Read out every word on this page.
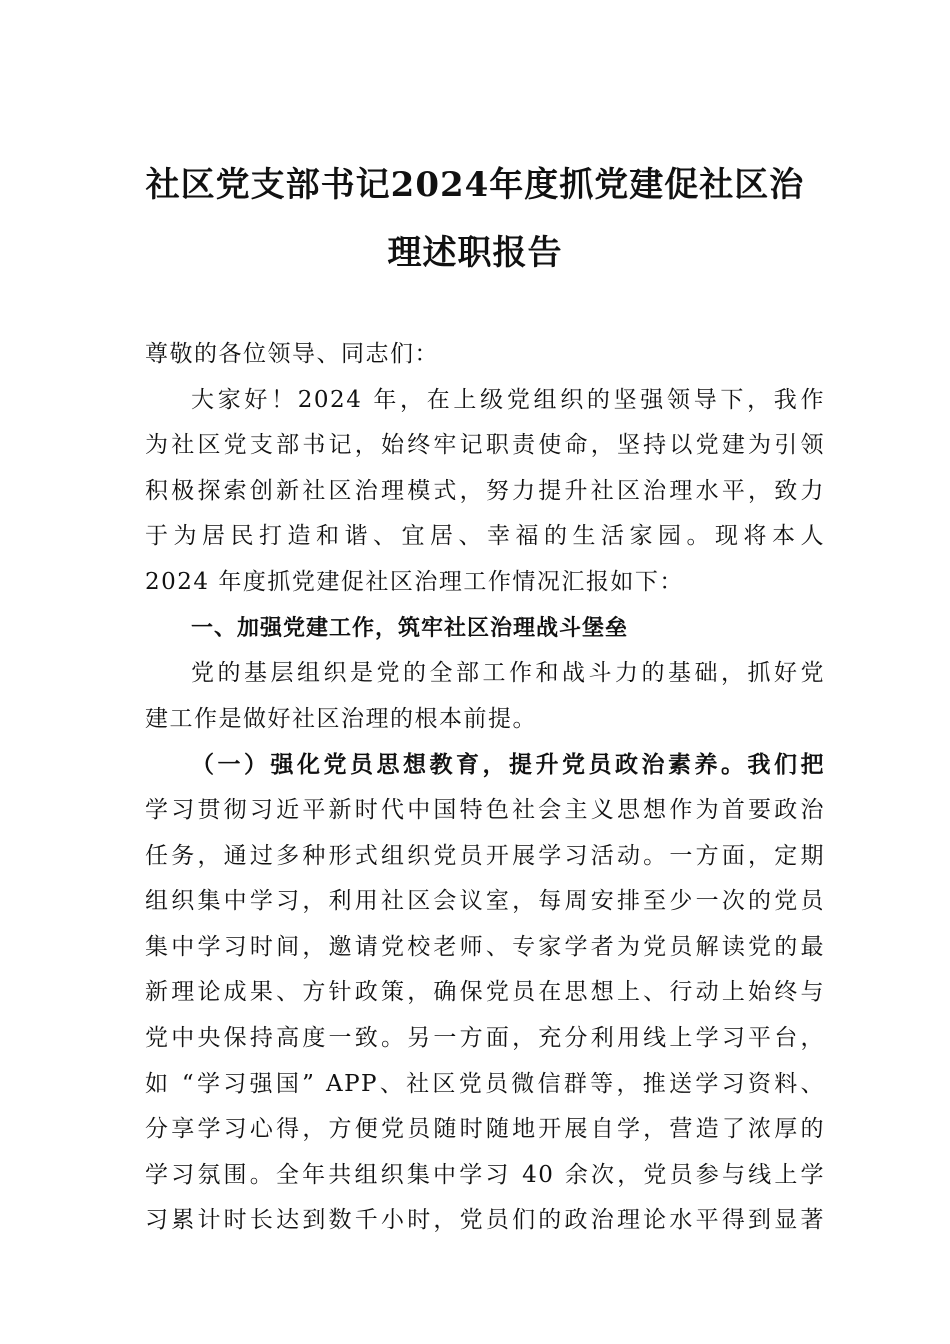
社区党支部书记2024年度抓党建促社区治
理述职报告
尊敬的各位领导、同志们：
大家好！2024 年，在上级党组织的坚强领导下，我作
为社区党支部书记，始终牢记职责使命，坚持以党建为引领
积极探索创新社区治理模式，努力提升社区治理水平，致力
于为居民打造和谐、宜居、幸福的生活家园。现将本人
2024 年度抓党建促社区治理工作情况汇报如下：
一、加强党建工作，筑牢社区治理战斗堡垒
党的基层组织是党的全部工作和战斗力的基础，抓好党
建工作是做好社区治理的根本前提。
（一）强化党员思想教育，提升党员政治素养。我们把
学习贯彻习近平新时代中国特色社会主义思想作为首要政治
任务，通过多种形式组织党员开展学习活动。一方面，定期
组织集中学习，利用社区会议室，每周安排至少一次的党员
集中学习时间，邀请党校老师、专家学者为党员解读党的最
新理论成果、方针政策，确保党员在思想上、行动上始终与
党中央保持高度一致。另一方面，充分利用线上学习平台，
如 “学习强国” APP、社区党员微信群等，推送学习资料、
分享学习心得，方便党员随时随地开展自学，营造了浓厚的
学习氛围。全年共组织集中学习 40 余次，党员参与线上学
习累计时长达到数千小时，党员们的政治理论水平得到显著
